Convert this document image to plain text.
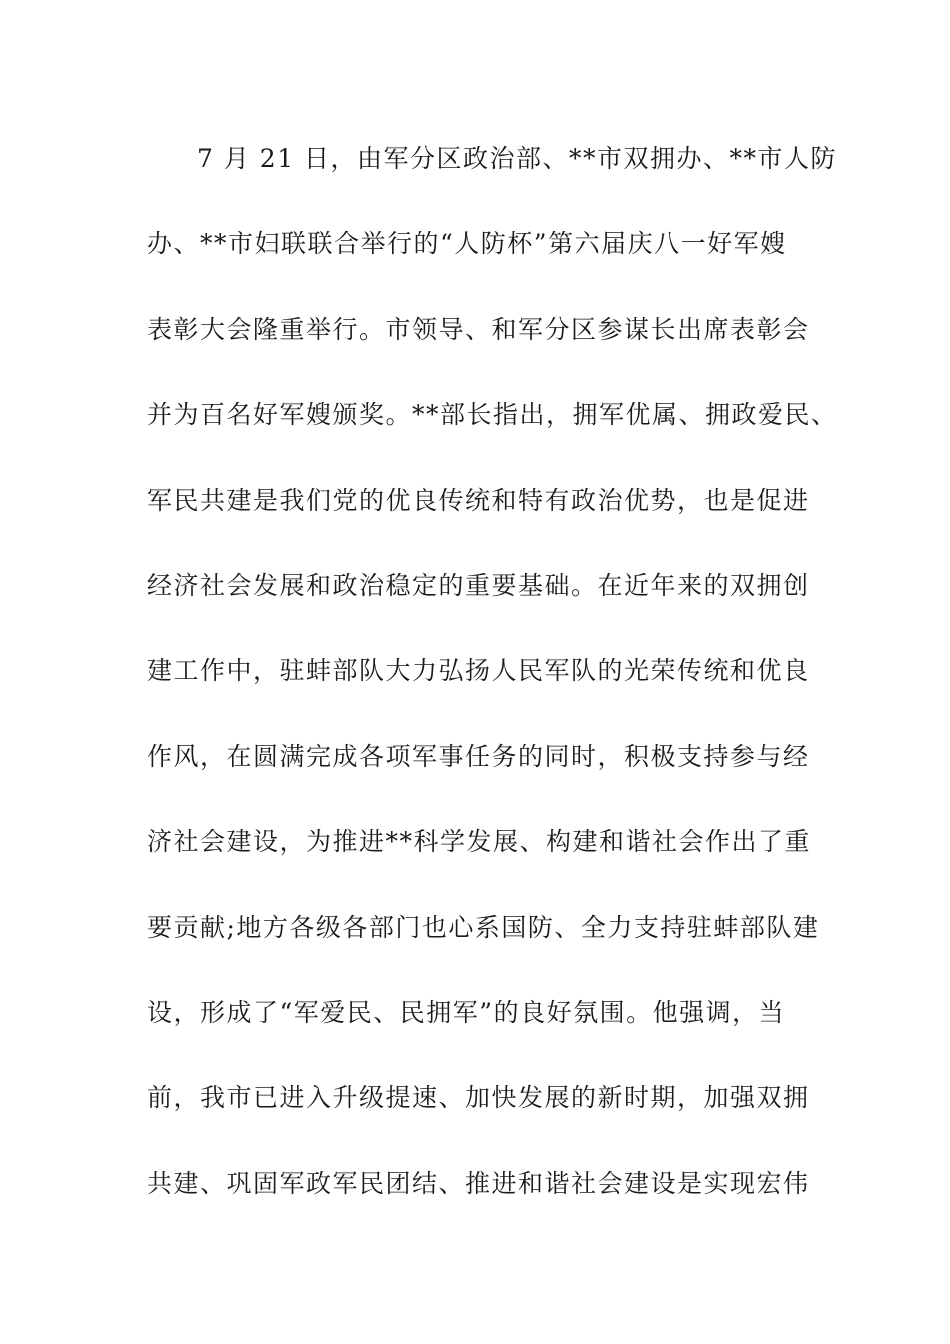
7 月 21 日，由军分区政治部、**市双拥办、**市人防
办、**市妇联联合举行的“人防杯”第六届庆八一好军嫂
表彰大会隆重举行。市领导、和军分区参谋长出席表彰会
并为百名好军嫂颁奖。**部长指出，拥军优属、拥政爱民、
军民共建是我们党的优良传统和特有政治优势，也是促进
经济社会发展和政治稳定的重要基础。在近年来的双拥创
建工作中，驻蚌部队大力弘扬人民军队的光荣传统和优良
作风，在圆满完成各项军事任务的同时，积极支持参与经
济社会建设，为推进**科学发展、构建和谐社会作出了重
要贡献;地方各级各部门也心系国防、全力支持驻蚌部队建
设，形成了“军爱民、民拥军”的良好氛围。他强调，当
前，我市已进入升级提速、加快发展的新时期，加强双拥
共建、巩固军政军民团结、推进和谐社会建设是实现宏伟
